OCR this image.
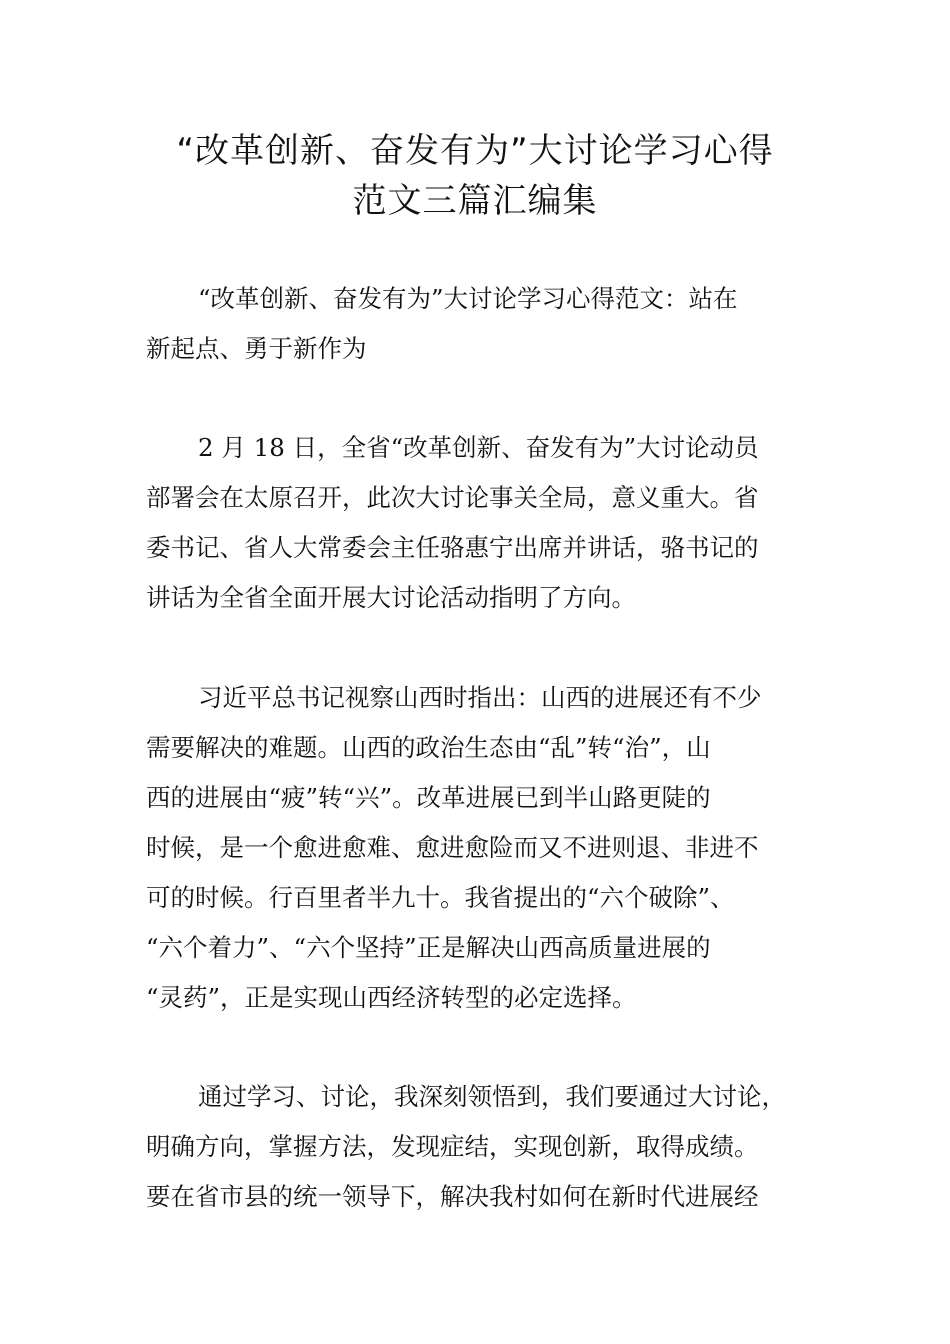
“改革创新、奋发有为”大讨论学习心得
范文三篇汇编集
“改革创新、奋发有为”大讨论学习心得范文：站在
新起点、勇于新作为
2 月 18 日，全省“改革创新、奋发有为”大讨论动员
部署会在太原召开，此次大讨论事关全局，意义重大。省
委书记、省人大常委会主任骆惠宁出席并讲话，骆书记的
讲话为全省全面开展大讨论活动指明了方向。
习近平总书记视察山西时指出：山西的进展还有不少
需要解决的难题。山西的政治生态由“乱”转“治”，山
西的进展由“疲”转“兴”。改革进展已到半山路更陡的
时候，是一个愈进愈难、愈进愈险而又不进则退、非进不
可的时候。行百里者半九十。我省提出的“六个破除”、
“六个着力”、“六个坚持”正是解决山西高质量进展的
“灵药”，正是实现山西经济转型的必定选择。
通过学习、讨论，我深刻领悟到，我们要通过大讨论，
明确方向，掌握方法，发现症结，实现创新，取得成绩。
要在省市县的统一领导下，解决我村如何在新时代进展经
